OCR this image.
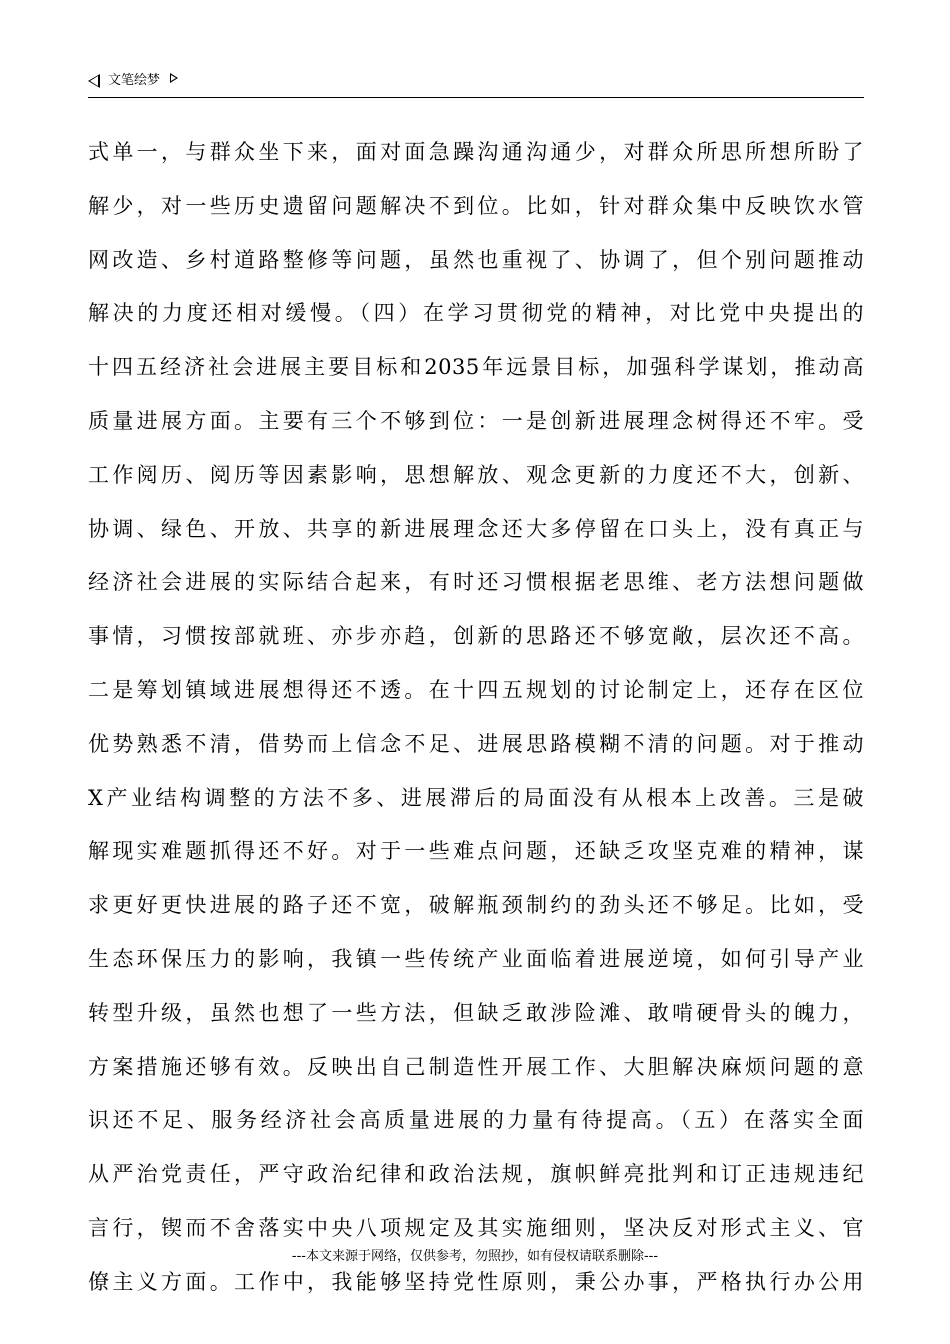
文笔绘梦
式单一，与群众坐下来，面对面急躁沟通沟通少，对群众所思所想所盼了
解少，对一些历史遗留问题解决不到位。比如，针对群众集中反映饮水管
网改造、乡村道路整修等问题，虽然也重视了、协调了，但个别问题推动
解决的力度还相对缓慢。（四）在学习贯彻党的精神，对比党中央提出的
十四五经济社会进展主要目标和2035年远景目标，加强科学谋划，推动高
质量进展方面。主要有三个不够到位：一是创新进展理念树得还不牢。受
工作阅历、阅历等因素影响，思想解放、观念更新的力度还不大，创新、
协调、绿色、开放、共享的新进展理念还大多停留在口头上，没有真正与
经济社会进展的实际结合起来，有时还习惯根据老思维、老方法想问题做
事情，习惯按部就班、亦步亦趋，创新的思路还不够宽敞，层次还不高。
二是筹划镇域进展想得还不透。在十四五规划的讨论制定上，还存在区位
优势熟悉不清，借势而上信念不足、进展思路模糊不清的问题。对于推动
X产业结构调整的方法不多、进展滞后的局面没有从根本上改善。三是破
解现实难题抓得还不好。对于一些难点问题，还缺乏攻坚克难的精神，谋
求更好更快进展的路子还不宽，破解瓶颈制约的劲头还不够足。比如，受
生态环保压力的影响，我镇一些传统产业面临着进展逆境，如何引导产业
转型升级，虽然也想了一些方法，但缺乏敢涉险滩、敢啃硬骨头的魄力，
方案措施还够有效。反映出自己制造性开展工作、大胆解决麻烦问题的意
识还不足、服务经济社会高质量进展的力量有待提高。（五）在落实全面
从严治党责任，严守政治纪律和政治法规，旗帜鲜亮批判和订正违规违纪
言行，锲而不舍落实中央八项规定及其实施细则，坚决反对形式主义、官
僚主义方面。工作中，我能够坚持党性原则，秉公办事，严格执行办公用
---本文来源于网络，仅供参考，勿照抄，如有侵权请联系删除---
